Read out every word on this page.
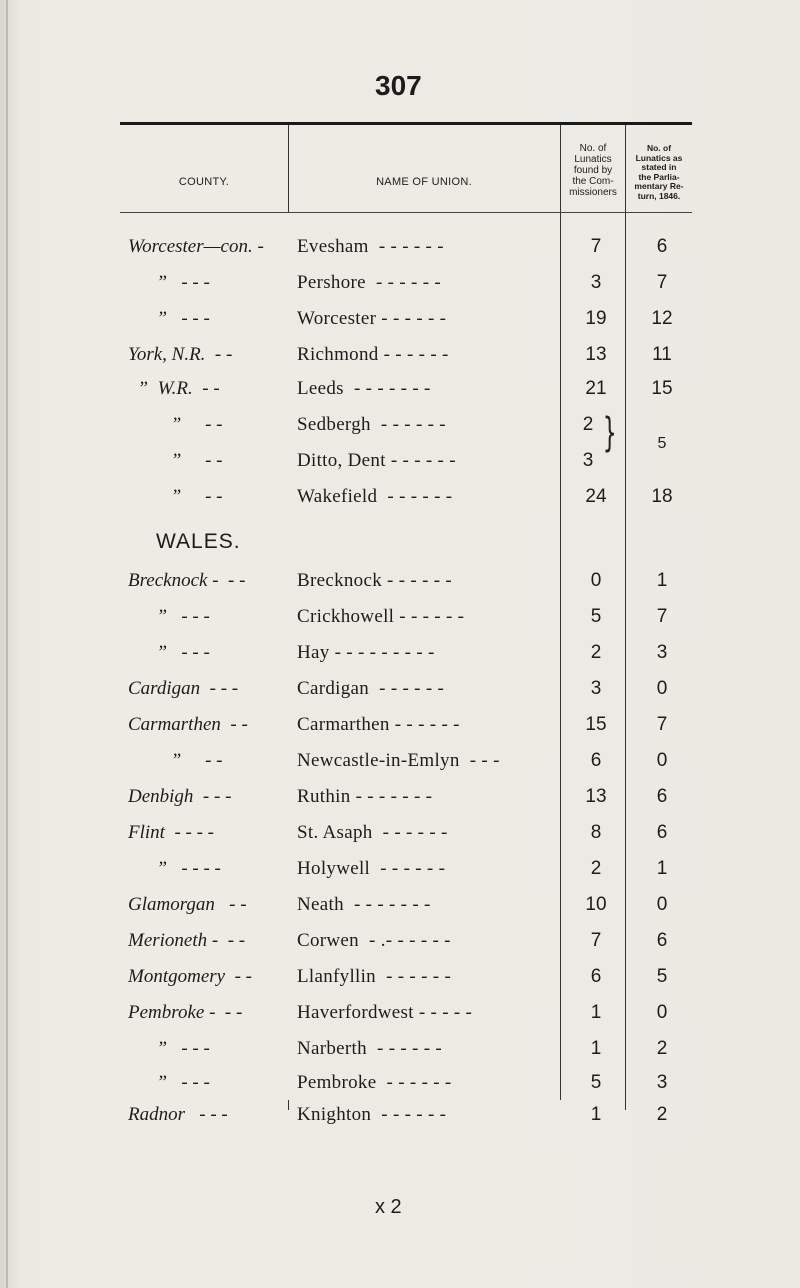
307
COUNTY.	NAME OF UNION.
No. of
Lunatics
found by
the Com-
missioners
No. of
Lunatics as
stated in
the Parlia-
mentary Re-
turn, 1846.
Worcester—con. - Evesham  - - - - - -	7	6
”   - - -	Pershore  - - - - - -	3	7
”   - - -	Worcester - - - - - -	19	12
York, N.R.  - -	Richmond - - - - - -	13	11
”  W.R.  - -	Leeds  - - - - - - -	21	15
”     - -	Sedbergh  - - - - - -	2
”     - -	Ditto, Dent - - - - - -	3
}	5
”     - -	Wakefield  - - - - - -	24	18
WALES.
Brecknock -  - -	Brecknock - - - - - -	0	1
”   - - -	Crickhowell - - - - - -	5	7
”   - - -	Hay - - - - - - - - -	2	3
Cardigan  - - -	Cardigan  - - - - - -	3	0
Carmarthen  - -	Carmarthen - - - - - -	15	7
”     - -	Newcastle-in-Emlyn  - - -	6	0
Denbigh  - - -	Ruthin - - - - - - -	13	6
Flint  - - - -	St. Asaph  - - - - - -	8	6
”   - - - -	Holywell  - - - - - -	2	1
Glamorgan   - -	Neath  - - - - - - -	10	0
Merioneth -  - -	Corwen  - .- - - - - -	7	6
Montgomery  - - Llanfyllin  - - - - - -	6	5
Pembroke -  - -	Haverfordwest - - - - -	1	0
”   - - -	Narberth  - - - - - -	1	2
”   - - -	Pembroke  - - - - - -	5	3
Radnor   - - -	Knighton  - - - - - -	1	2
x 2
